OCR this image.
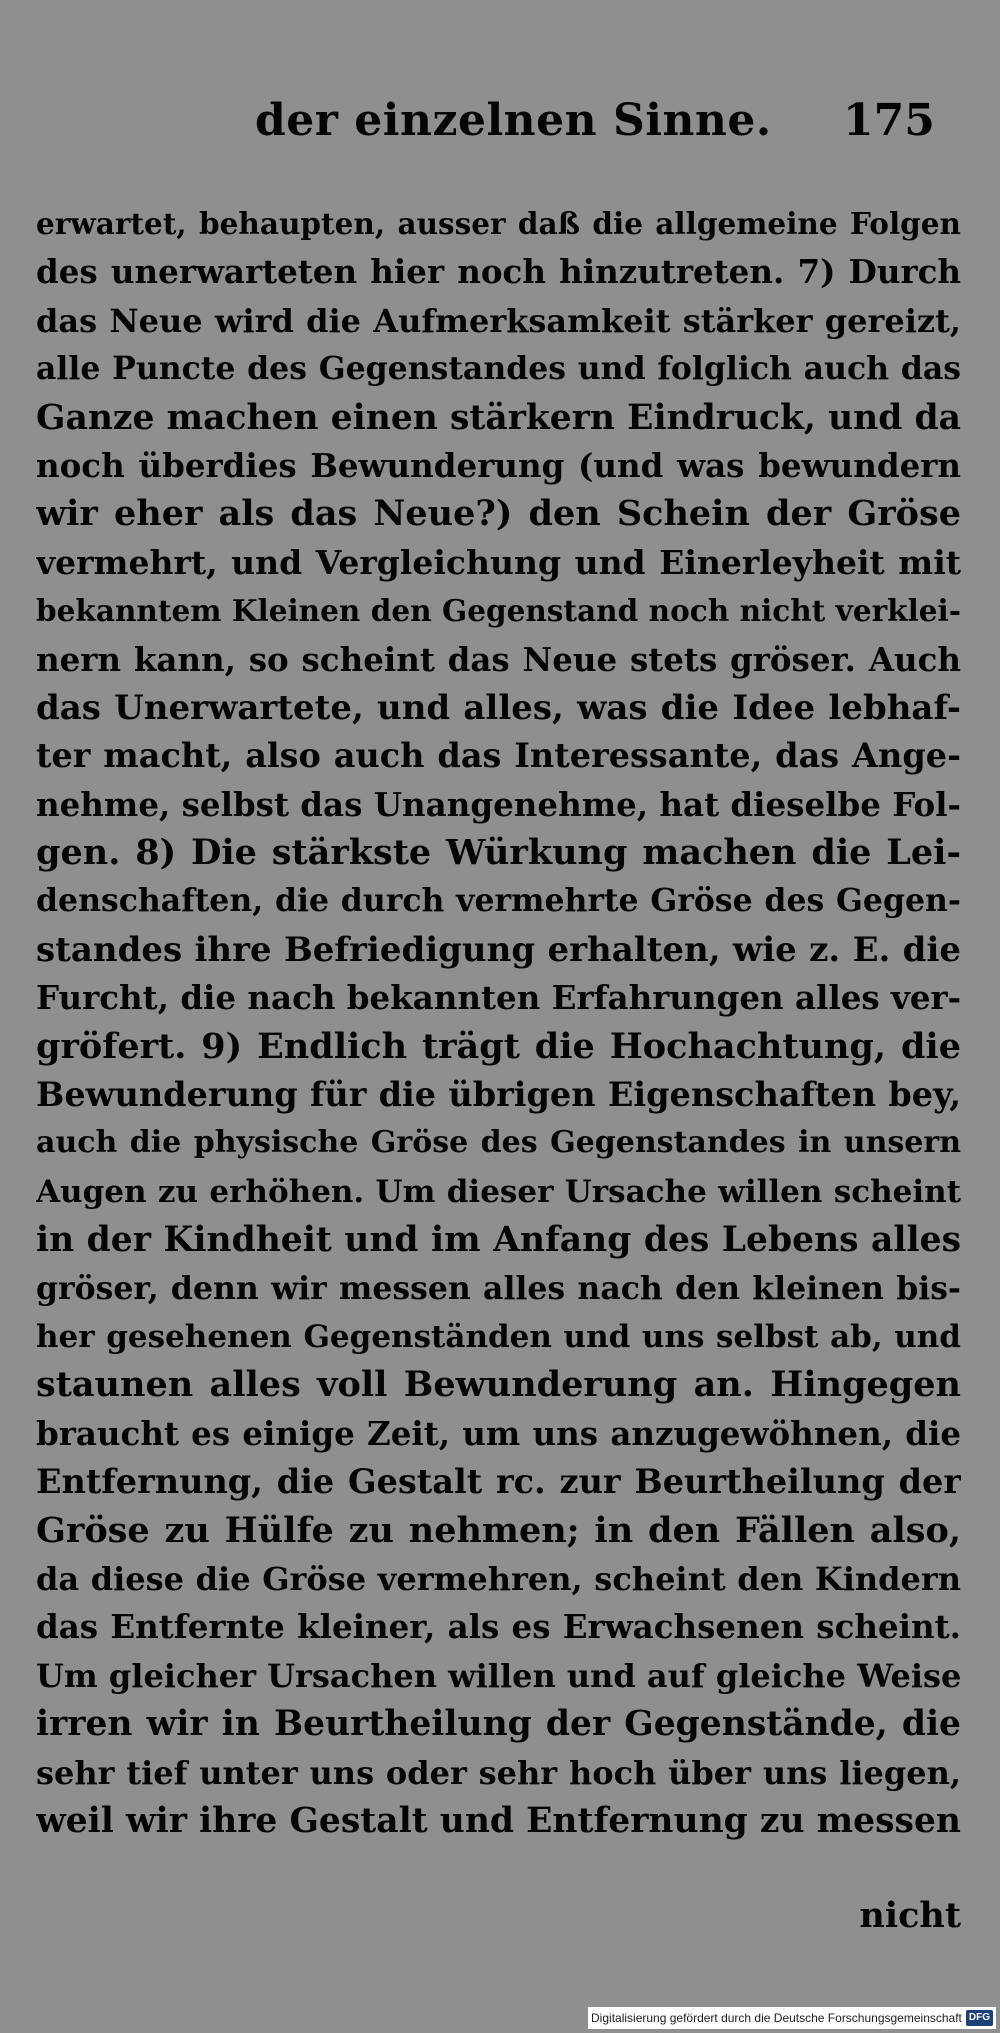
der einzelnen Sinne. 175
erwartet, behaupten, ausser daß die allgemeine Folgen
des unerwarteten hier noch hinzutreten. 7) Durch
das Neue wird die Aufmerksamkeit stärker gereizt,
alle Puncte des Gegenstandes und folglich auch das
Ganze machen einen stärkern Eindruck, und da
noch überdies Bewunderung (und was bewundern
wir eher als das Neue?) den Schein der Gröse
vermehrt, und Vergleichung und Einerleyheit mit
bekanntem Kleinen den Gegenstand noch nicht verklei-
nern kann, so scheint das Neue stets gröser. Auch
das Unerwartete, und alles, was die Idee lebhaf-
ter macht, also auch das Interessante, das Ange-
nehme, selbst das Unangenehme, hat dieselbe Fol-
gen. 8) Die stärkste Würkung machen die Lei-
denschaften, die durch vermehrte Gröse des Gegen-
standes ihre Befriedigung erhalten, wie z. E. die
Furcht, die nach bekannten Erfahrungen alles ver-
gröfert. 9) Endlich trägt die Hochachtung, die
Bewunderung für die übrigen Eigenschaften bey,
auch die physische Gröse des Gegenstandes in unsern
Augen zu erhöhen. Um dieser Ursache willen scheint
in der Kindheit und im Anfang des Lebens alles
gröser, denn wir messen alles nach den kleinen bis-
her gesehenen Gegenständen und uns selbst ab, und
staunen alles voll Bewunderung an. Hingegen
braucht es einige Zeit, um uns anzugewöhnen, die
Entfernung, die Gestalt rc. zur Beurtheilung der
Gröse zu Hülfe zu nehmen; in den Fällen also,
da diese die Gröse vermehren, scheint den Kindern
das Entfernte kleiner, als es Erwachsenen scheint.
Um gleicher Ursachen willen und auf gleiche Weise
irren wir in Beurtheilung der Gegenstände, die
sehr tief unter uns oder sehr hoch über uns liegen,
weil wir ihre Gestalt und Entfernung zu messen
nicht
Digitalisierung gefördert durch die Deutsche Forschungsgemeinschaft DFG
